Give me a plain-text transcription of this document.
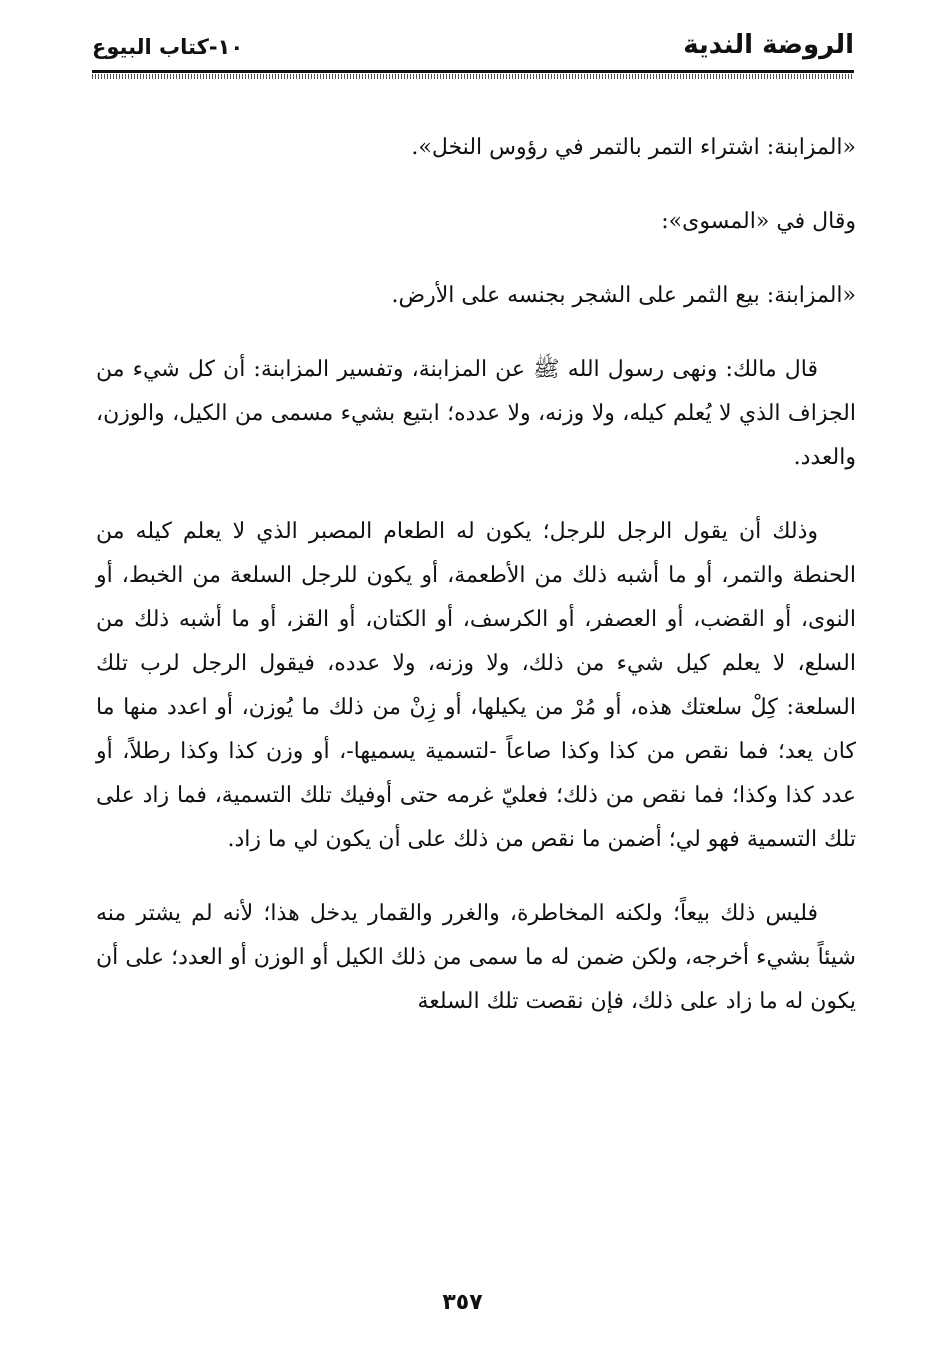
الروضة الندية
١٠-كتاب البيوع

«المزابنة: اشتراء التمر بالتمر في رؤوس النخل».

وقال في «المسوى»:

«المزابنة: بيع الثمر على الشجر بجنسه على الأرض.

قال مالك: ونهى رسول الله ﷺ عن المزابنة، وتفسير المزابنة: أن كل شيء من الجزاف الذي لا يُعلم كيله، ولا وزنه، ولا عدده؛ ابتيع بشيء مسمى من الكيل، والوزن، والعدد.

وذلك أن يقول الرجل للرجل؛ يكون له الطعام المصبر الذي لا يعلم كيله من الحنطة والتمر، أو ما أشبه ذلك من الأطعمة، أو يكون للرجل السلعة من الخبط، أو النوى، أو القضب، أو العصفر، أو الكرسف، أو الكتان، أو القز، أو ما أشبه ذلك من السلع، لا يعلم كيل شيء من ذلك، ولا وزنه، ولا عدده، فيقول الرجل لرب تلك السلعة: كِلْ سلعتك هذه، أو مُرْ من يكيلها، أو زِنْ من ذلك ما يُوزن، أو اعدد منها ما كان يعد؛ فما نقص من كذا وكذا صاعاً -لتسمية يسميها-، أو وزن كذا وكذا رطلاً، أو عدد كذا وكذا؛ فما نقص من ذلك؛ فعليّ غرمه حتى أوفيك تلك التسمية، فما زاد على تلك التسمية فهو لي؛ أضمن ما نقص من ذلك على أن يكون لي ما زاد.

فليس ذلك بيعاً؛ ولكنه المخاطرة، والغرر والقمار يدخل هذا؛ لأنه لم يشتر منه شيئاً بشيء أخرجه، ولكن ضمن له ما سمى من ذلك الكيل أو الوزن أو العدد؛ على أن يكون له ما زاد على ذلك، فإن نقصت تلك السلعة

٣٥٧
